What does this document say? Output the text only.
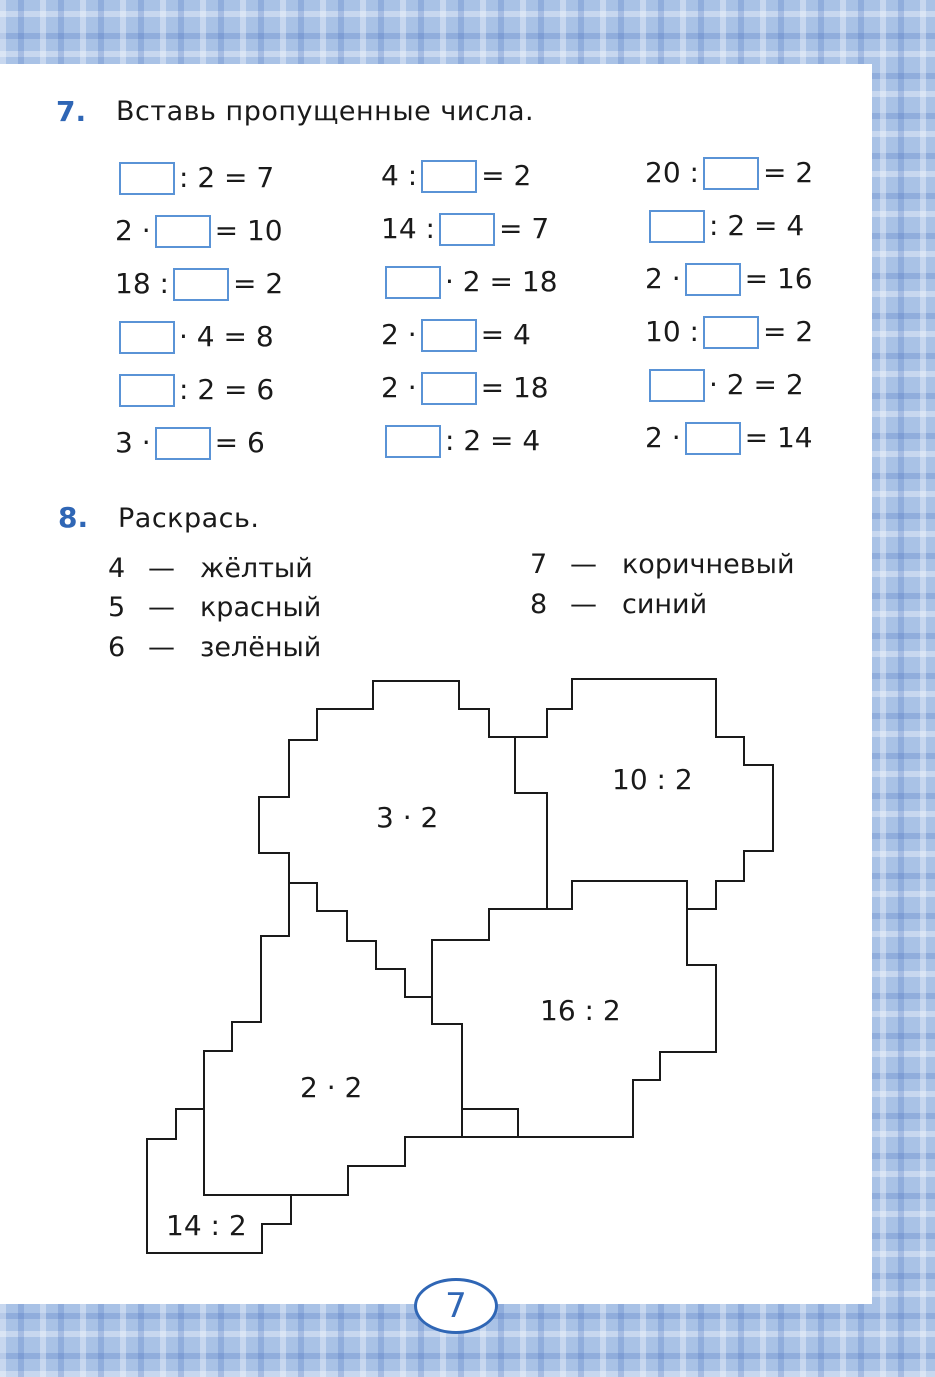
7. Вставь пропущенные числа.
: 2 = 7
2 · = 10
18 : = 2
· 4 = 8
: 2 = 6
3 · = 6
4 : = 2
14 : = 7
· 2 = 18
2 · = 4
2 · = 18
: 2 = 4
20 : = 2
: 2 = 4
2 · = 16
10 : = 2
· 2 = 2
2 · = 14
8. Раскрась.
4 — жёлтый
5 — красный
6 — зелёный
7 — коричневый
8 — синий
3 · 2
10 : 2
16 : 2
2 · 2
14 : 2
7
